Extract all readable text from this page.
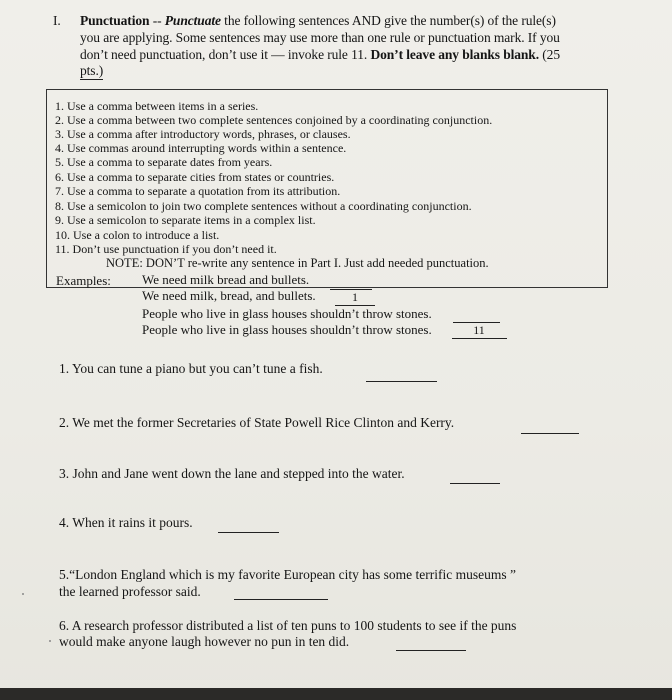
I. Punctuation -- Punctuate the following sentences AND give the number(s) of the rule(s)
you are applying. Some sentences may use more than one rule or punctuation mark. If you
don’t need punctuation, don’t use it — invoke rule 11. Don’t leave any blanks blank. (25
pts.)
1. Use a comma between items in a series.
2. Use a comma between two complete sentences conjoined by a coordinating conjunction.
3. Use a comma after introductory words, phrases, or clauses.
4. Use commas around interrupting words within a sentence.
5. Use a comma to separate dates from years.
6. Use a comma to separate cities from states or countries.
7. Use a comma to separate a quotation from its attribution.
8. Use a semicolon to join two complete sentences without a coordinating conjunction.
9. Use a semicolon to separate items in a complex list.
10. Use a colon to introduce a list.
11. Don’t use punctuation if you don’t need it.
NOTE: DON’T re-write any sentence in Part I. Just add needed punctuation.
Examples: We need milk bread and bullets.
We need milk, bread, and bullets.	1
People who live in glass houses shouldn’t throw stones.
People who live in glass houses shouldn’t throw stones.	11
1. You can tune a piano but you can’t tune a fish.
2. We met the former Secretaries of State Powell Rice Clinton and Kerry.
3. John and Jane went down the lane and stepped into the water.
4. When it rains it pours.
5.“London England which is my favorite European city has some terrific museums ”
the learned professor said.
6. A research professor distributed a list of ten puns to 100 students to see if the puns
would make anyone laugh however no pun in ten did.
